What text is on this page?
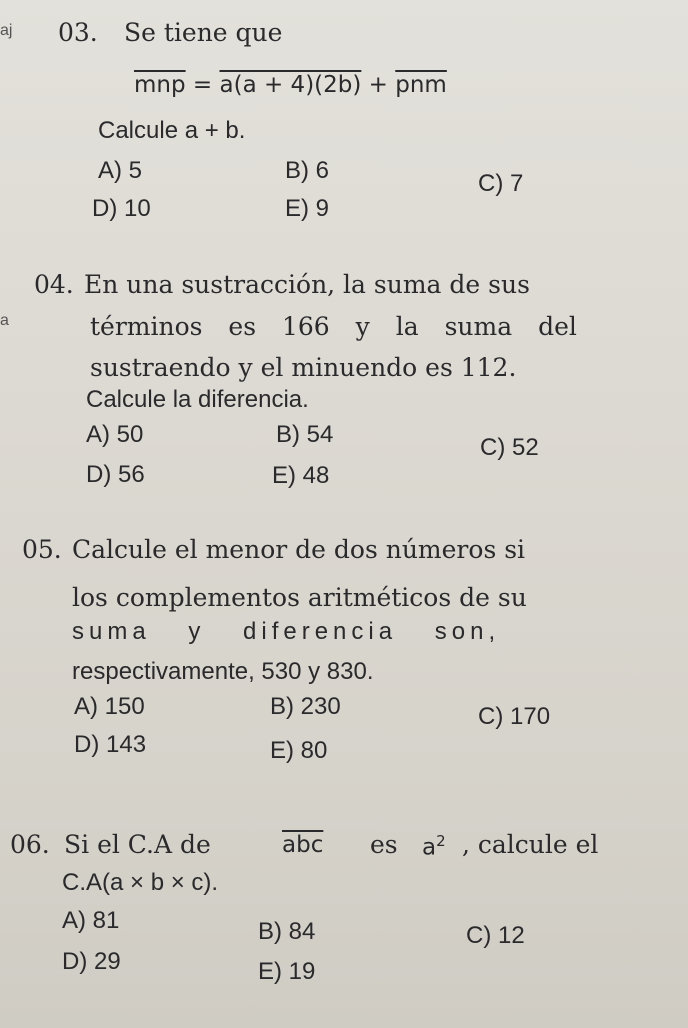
aj
a
03. Se tiene que
$\overline{mnp} = a(a + 4)(2b) + \overline{pnm}$
Calcule a + b.
A) 5	B) 6	C) 7
D) 10	E) 9
04. En una sustracción, la suma de sus
términos es 166 y la suma del
sustraendo y el minuendo es 112.
Calcule la diferencia.
A) 50	B) 54	C) 52
D) 56	E) 48
05. Calcule el menor de dos números si
los complementos aritméticos de su
suma y diferencia son,
respectivamente, 530 y 830.
A) 150	B) 230	C) 170
D) 143	E) 80
06. Si el C.A de	$\overline{abc}$ es $a^2$ , calcule el
C.A(a × b × c).
A) 81	B) 84	C) 12
D) 29	E) 19
